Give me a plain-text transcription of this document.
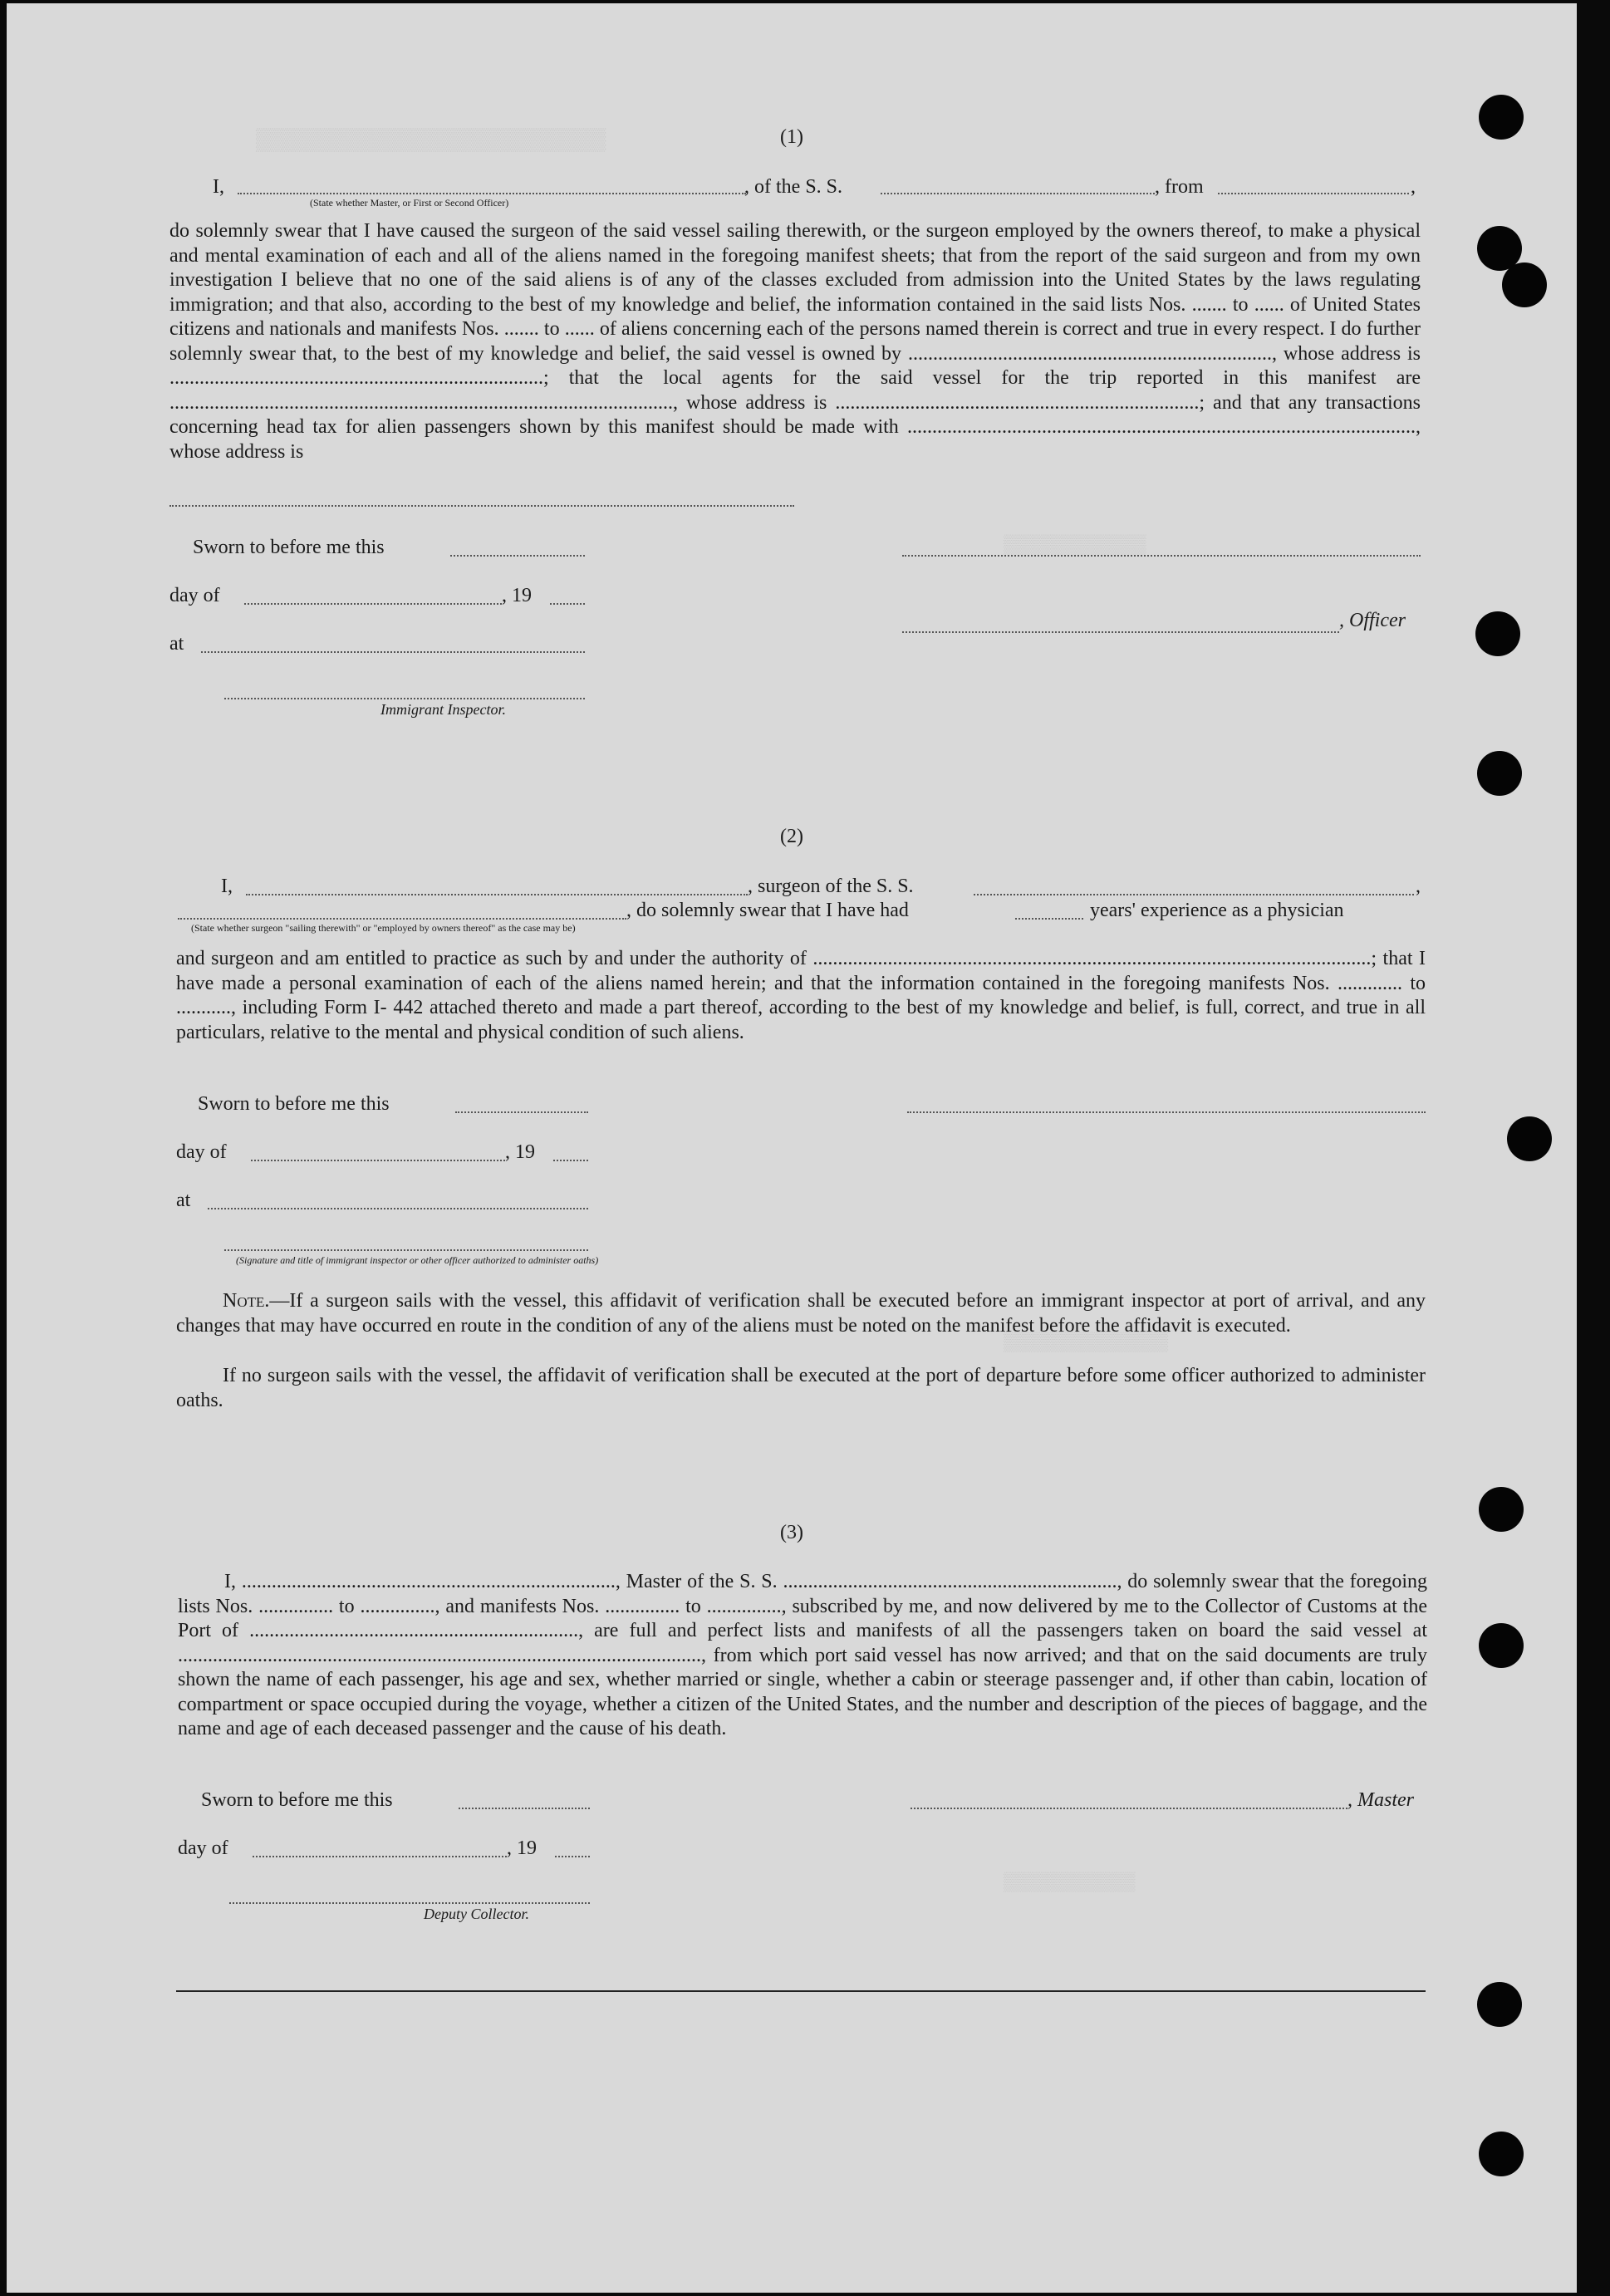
▒▒▒▒▒▒▒▒▒▒▒▒▒▒▒▒▒▒▒▒▒▒▒▒▒▒▒
▒▒▒▒▒▒▒▒▒▒▒▒▒
▒▒▒▒▒▒▒▒▒▒▒▒▒▒▒
▒▒▒▒▒▒▒▒▒▒▒▒
(1)
I,	, of the S. S.	, from	,
(State whether Master, or First or Second Officer)
do solemnly swear that I have caused the surgeon of the said vessel sailing therewith, or the surgeon employed by the owners thereof, to make a physical and mental examination of each and all of the aliens named in the foregoing manifest sheets; that from the report of the said surgeon and from my own investigation I believe that no one of the said aliens is of any of the classes excluded from admission into the United States by the laws regulating immigration; and that also, according to the best of my knowledge and belief, the information contained in the said lists Nos. ....... to ...... of United States citizens and nationals and manifests Nos. ....... to ...... of aliens concerning each of the persons named therein is correct and true in every respect. I do further solemnly swear that, to the best of my knowledge and belief, the said vessel is owned by ........................................................................., whose address is ...........................................................................; that the local agents for the said vessel for the trip reported in this manifest are ....................................................................................................., whose address is .........................................................................; and that any transactions concerning head tax for alien passengers shown by this manifest should be made with ......................................................................................................, whose address is
Sworn to before me this
day of	, 19
at
, Officer
Immigrant Inspector.
(2)
I,	, surgeon of the S. S.	,
, do solemnly swear that I have had	years' experience as a physician
(State whether surgeon "sailing therewith" or "employed by owners thereof" as the case may be)
and surgeon and am entitled to practice as such by and under the authority of ................................................................................................................; that I have made a personal examination of each of the aliens named herein; and that the information contained in the foregoing manifests Nos. ............. to ..........., including Form I- 442 attached thereto and made a part thereof, according to the best of my knowledge and belief, is full, correct, and true in all particulars, relative to the mental and physical condition of such aliens.
Sworn to before me this
day of	, 19
at
(Signature and title of immigrant inspector or other officer authorized to administer oaths)
Note.—If a surgeon sails with the vessel, this affidavit of verification shall be executed before an immigrant inspector at port of arrival, and any changes that may have occurred en route in the condition of any of the aliens must be noted on the manifest before the affidavit is executed.
If no surgeon sails with the vessel, the affidavit of verification shall be executed at the port of departure before some officer authorized to administer oaths.
(3)
I, ..........................................................................., Master of the S. S. ..................................................................., do solemnly swear that the foregoing lists Nos. ............... to ..............., and manifests Nos. ............... to ..............., subscribed by me, and now delivered by me to the Collector of Customs at the Port of .................................................................., are full and perfect lists and manifests of all the passengers taken on board the said vessel at ........................................................................................................., from which port said vessel has now arrived; and that on the said documents are truly shown the name of each passenger, his age and sex, whether married or single, whether a cabin or steerage passenger and, if other than cabin, location of compartment or space occupied during the voyage, whether a citizen of the United States, and the number and description of the pieces of baggage, and the name and age of each deceased passenger and the cause of his death.
Sworn to before me this	, Master
day of	, 19
Deputy Collector.
